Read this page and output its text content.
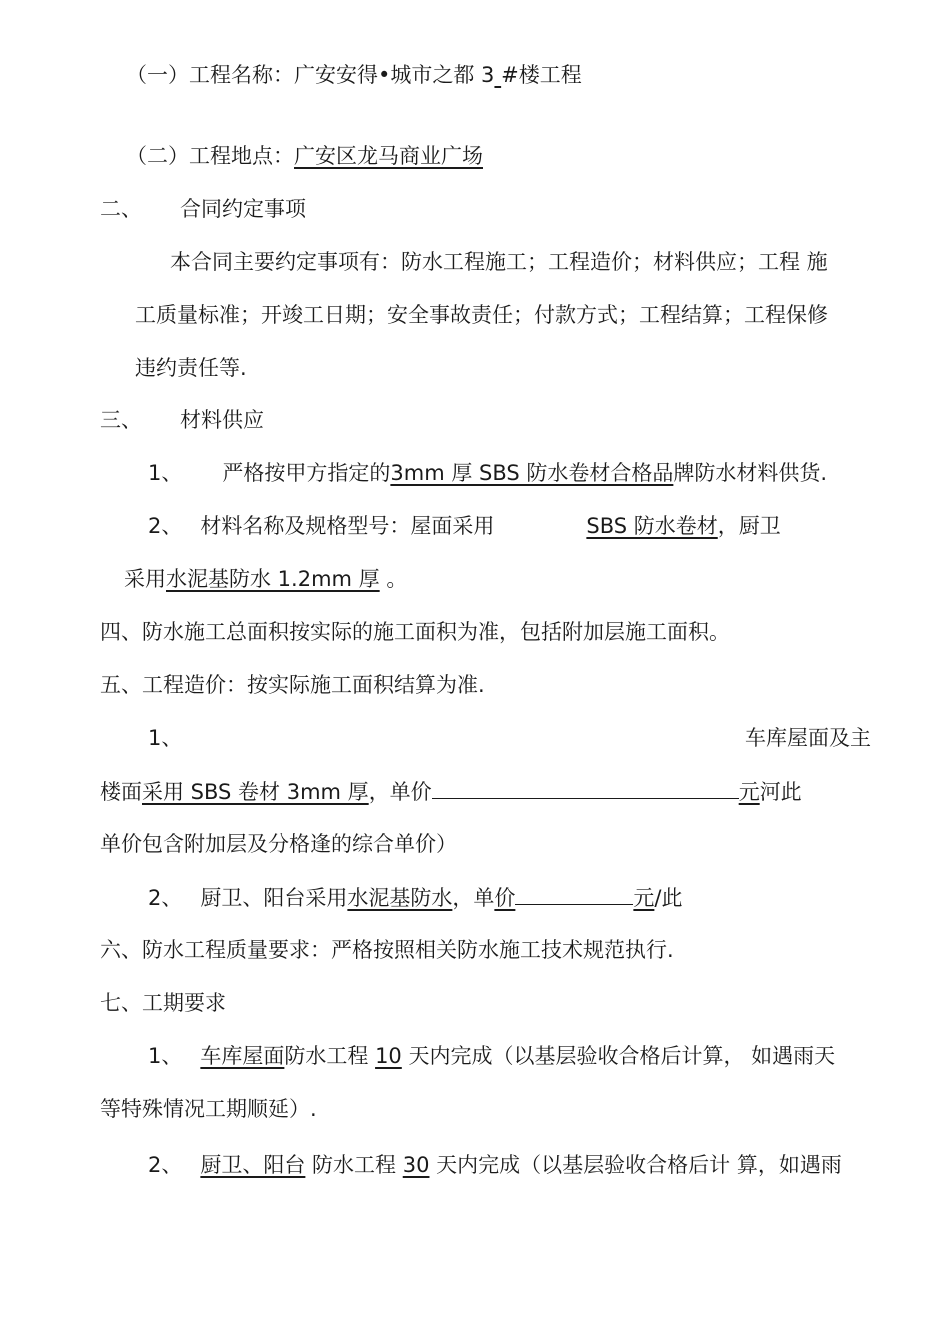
（一）工程名称：广安安得•城市之都 3 #楼工程
（二）工程地点：广安区龙马商业广场
二、 合同约定事项
本合同主要约定事项有：防水工程施工；工程造价；材料供应；工程 施
工质量标准；开竣工日期；安全事故责任；付款方式；工程结算；工程保修
违约责任等.
三、 材料供应
1、 严格按甲方指定的3mm 厚 SBS 防水卷材合格品牌防水材料供货.
2、 材料名称及规格型号：屋面采用	SBS 防水卷材，厨卫
采用水泥基防水 1.2mm 厚 。
四、防水施工总面积按实际的施工面积为准，包括附加层施工面积。
五、工程造价：按实际施工面积结算为准.
1、	车库屋面及主
楼面采用 SBS 卷材 3mm 厚，单价	元河此
单价包含附加层及分格逢的综合单价）
2、 厨卫、阳台采用水泥基防水，单价	元/此
六、防水工程质量要求：严格按照相关防水施工技术规范执行.
七、工期要求
1、 车库屋面防水工程 10 天内完成（以基层验收合格后计算， 如遇雨天
等特殊情况工期顺延）.
2、 厨卫、阳台 防水工程 30 天内完成（以基层验收合格后计 算，如遇雨
